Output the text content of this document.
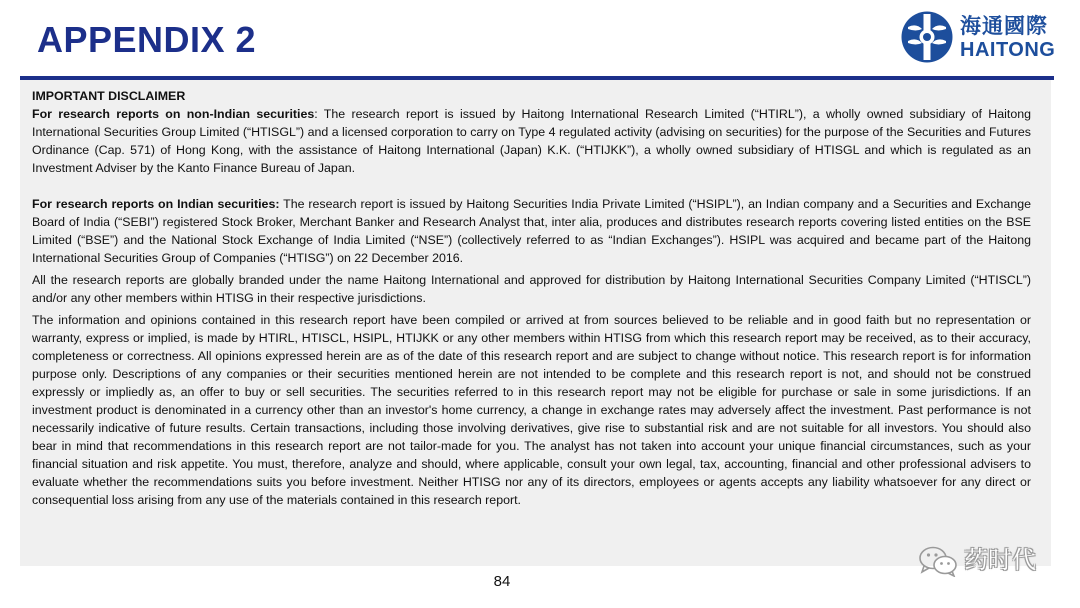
APPENDIX 2	海通國際
HAITONG

IMPORTANT DISCLAIMER

For research reports on non-Indian securities: The research report is issued by Haitong International Research Limited (“HTIRL”), a wholly owned subsidiary of Haitong International Securities Group Limited (“HTISGL”) and a licensed corporation to carry on Type 4 regulated activity (advising on securities) for the purpose of the Securities and Futures Ordinance (Cap. 571) of Hong Kong, with the assistance of Haitong International (Japan) K.K. (“HTIJKK”), a wholly owned subsidiary of HTISGL and which is regulated as an Investment Adviser by the Kanto Finance Bureau of Japan.

For research reports on Indian securities: The research report is issued by Haitong Securities India Private Limited (“HSIPL”), an Indian company and a Securities and Exchange Board of India (“SEBI”) registered Stock Broker, Merchant Banker and Research Analyst that, inter alia, produces and distributes research reports covering listed entities on the BSE Limited (“BSE”) and the National Stock Exchange of India Limited (“NSE”) (collectively referred to as “Indian Exchanges”). HSIPL was acquired and became part of the Haitong International Securities Group of Companies (“HTISG”) on 22 December 2016.

All the research reports are globally branded under the name Haitong International and approved for distribution by Haitong International Securities Company Limited (“HTISCL”) and/or any other members within HTISG in their respective jurisdictions.

The information and opinions contained in this research report have been compiled or arrived at from sources believed to be reliable and in good faith but no representation or warranty, express or implied, is made by HTIRL, HTISCL, HSIPL, HTIJKK or any other members within HTISG from which this research report may be received, as to their accuracy, completeness or correctness. All opinions expressed herein are as of the date of this research report and are subject to change without notice. This research report is for information purpose only. Descriptions of any companies or their securities mentioned herein are not intended to be complete and this research report is not, and should not be construed expressly or impliedly as, an offer to buy or sell securities. The securities referred to in this research report may not be eligible for purchase or sale in some jurisdictions. If an investment product is denominated in a currency other than an investor's home currency, a change in exchange rates may adversely affect the investment. Past performance is not necessarily indicative of future results. Certain transactions, including those involving derivatives, give rise to substantial risk and are not suitable for all investors. You should also bear in mind that recommendations in this research report are not tailor-made for you. The analyst has not taken into account your unique financial circumstances, such as your financial situation and risk appetite. You must, therefore, analyze and should, where applicable, consult your own legal, tax, accounting, financial and other professional advisers to evaluate whether the recommendations suits you before investment. Neither HTISG nor any of its directors, employees or agents accepts any liability whatsoever for any direct or consequential loss arising from any use of the materials contained in this research report.

84
药时代
